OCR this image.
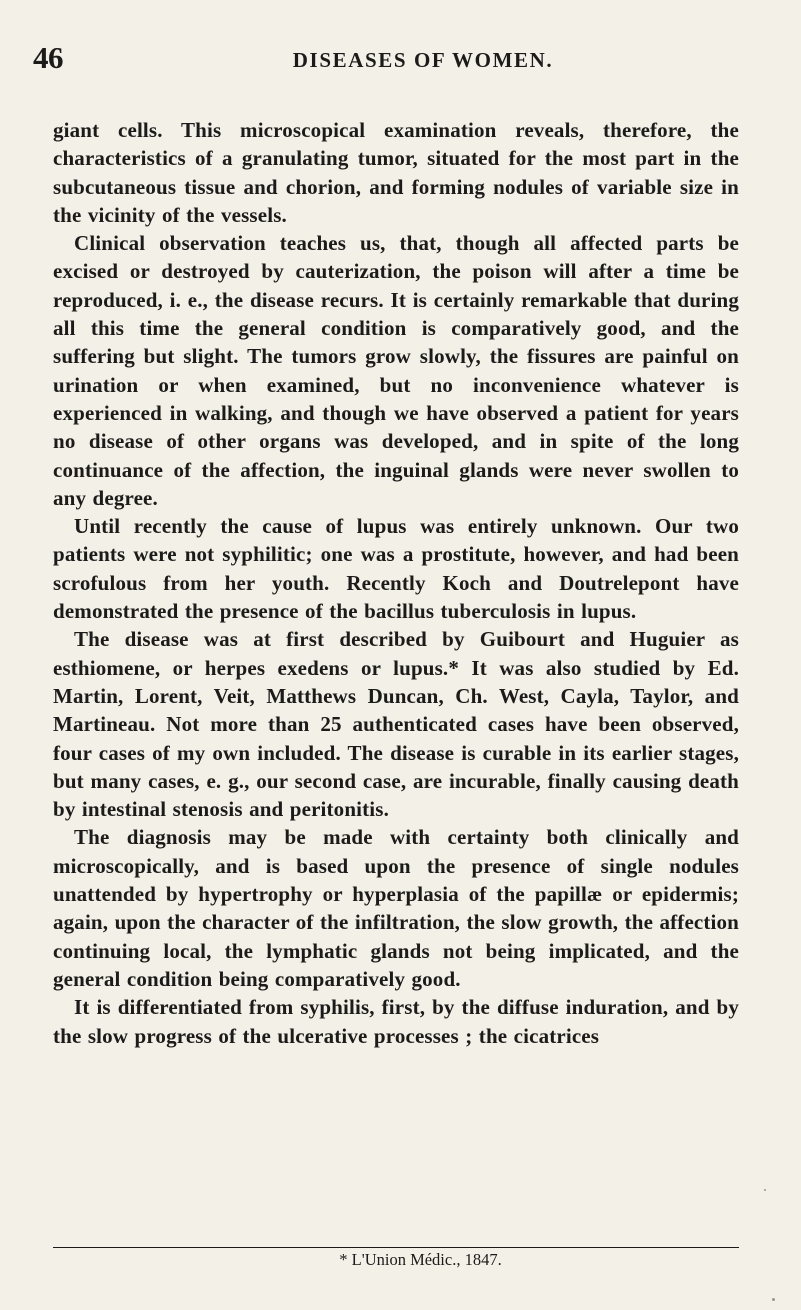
46	DISEASES OF WOMEN.

giant cells. This microscopical examination reveals, therefore, the characteristics of a granulating tumor, situated for the most part in the subcutaneous tissue and chorion, and forming nodules of variable size in the vicinity of the vessels.

Clinical observation teaches us, that, though all affected parts be excised or destroyed by cauterization, the poison will after a time be reproduced, i. e., the disease recurs. It is certainly remarkable that during all this time the general condition is comparatively good, and the suffering but slight. The tumors grow slowly, the fissures are painful on urination or when examined, but no inconvenience whatever is experienced in walking, and though we have observed a patient for years no disease of other organs was developed, and in spite of the long continuance of the affection, the inguinal glands were never swollen to any degree.

Until recently the cause of lupus was entirely unknown. Our two patients were not syphilitic; one was a prostitute, however, and had been scrofulous from her youth. Recently Koch and Doutrelepont have demonstrated the presence of the bacillus tuberculosis in lupus.

The disease was at first described by Guibourt and Huguier as esthiomene, or herpes exedens or lupus.* It was also studied by Ed. Martin, Lorent, Veit, Matthews Duncan, Ch. West, Cayla, Taylor, and Martineau. Not more than 25 authenticated cases have been observed, four cases of my own included. The disease is curable in its earlier stages, but many cases, e. g., our second case, are incurable, finally causing death by intestinal stenosis and peritonitis.

The diagnosis may be made with certainty both clinically and microscopically, and is based upon the presence of single nodules unattended by hypertrophy or hyperplasia of the papillæ or epidermis; again, upon the character of the infiltration, the slow growth, the affection continuing local, the lymphatic glands not being implicated, and the general condition being comparatively good.

It is differentiated from syphilis, first, by the diffuse induration, and by the slow progress of the ulcerative processes ; the cicatrices

* L'Union Médic., 1847.
